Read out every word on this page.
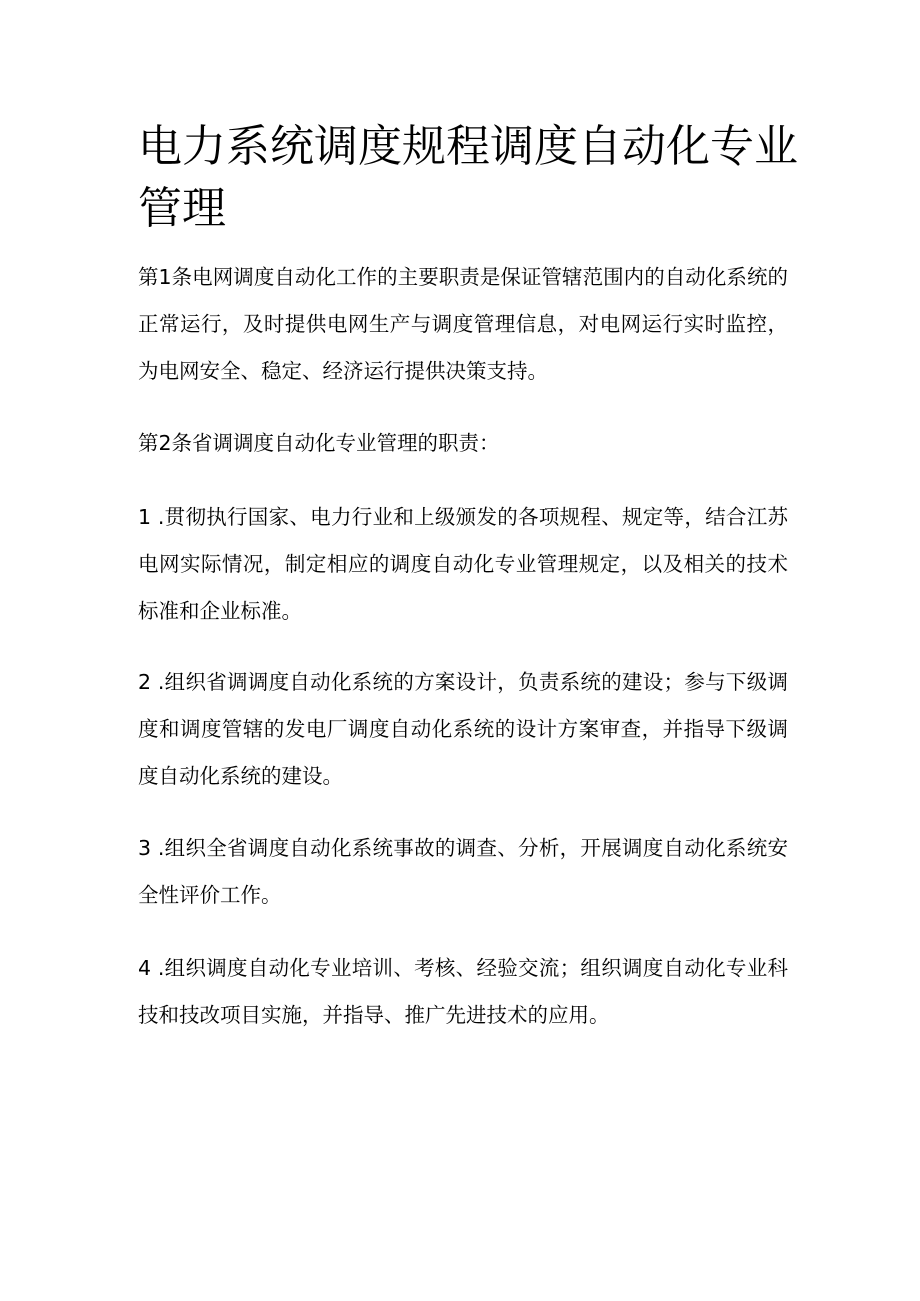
电力系统调度规程调度自动化专业管理

第1条电网调度自动化工作的主要职责是保证管辖范围内的自动化系统的正常运行，及时提供电网生产与调度管理信息，对电网运行实时监控，为电网安全、稳定、经济运行提供决策支持。

第2条省调调度自动化专业管理的职责：

1 .贯彻执行国家、电力行业和上级颁发的各项规程、规定等，结合江苏电网实际情况，制定相应的调度自动化专业管理规定，以及相关的技术标准和企业标准。

2 .组织省调调度自动化系统的方案设计，负责系统的建设；参与下级调度和调度管辖的发电厂调度自动化系统的设计方案审查，并指导下级调度自动化系统的建设。

3 .组织全省调度自动化系统事故的调查、分析，开展调度自动化系统安全性评价工作。

4 .组织调度自动化专业培训、考核、经验交流；组织调度自动化专业科技和技改项目实施，并指导、推广先进技术的应用。
